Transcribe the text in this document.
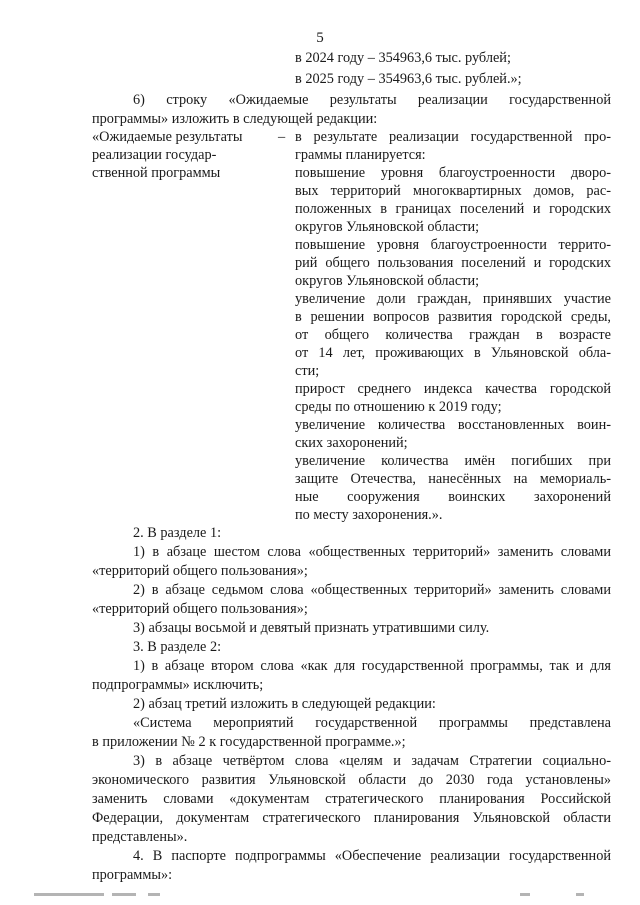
5
в 2024 году – 354963,6 тыс. рублей;
в 2025 году – 354963,6 тыс. рублей.»;
6) строку «Ожидаемые результаты реализации государственной
программы» изложить в следующей редакции:
«Ожидаемые результаты
реализации государ-
ственной программы
– в результате реализации государственной про-
граммы планируется:
повышение уровня благоустроенности дворо-
вых территорий многоквартирных домов, рас-
положенных в границах поселений и городских
округов Ульяновской области;
повышение уровня благоустроенности террито-
рий общего пользования поселений и городских
округов Ульяновской области;
увеличение доли граждан, принявших участие
в решении вопросов развития городской среды,
от общего количества граждан в возрасте
от 14 лет, проживающих в Ульяновской обла-
сти;
прирост среднего индекса качества городской
среды по отношению к 2019 году;
увеличение количества восстановленных воин-
ских захоронений;
увеличение количества имён погибших при
защите Отечества, нанесённых на мемориаль-
ные сооружения воинских захоронений
по месту захоронения.».
2. В разделе 1:
1) в абзаце шестом слова «общественных территорий» заменить словами
«территорий общего пользования»;
2) в абзаце седьмом слова «общественных территорий» заменить словами
«территорий общего пользования»;
3) абзацы восьмой и девятый признать утратившими силу.
3. В разделе 2:
1) в абзаце втором слова «как для государственной программы, так и для
подпрограммы» исключить;
2) абзац третий изложить в следующей редакции:
«Система мероприятий государственной программы представлена
в приложении № 2 к государственной программе.»;
3) в абзаце четвёртом слова «целям и задачам Стратегии социально-
экономического развития Ульяновской области до 2030 года установлены»
заменить словами «документам стратегического планирования Российской
Федерации, документам стратегического планирования Ульяновской области
представлены».
4. В паспорте подпрограммы «Обеспечение реализации государственной
программы»:
